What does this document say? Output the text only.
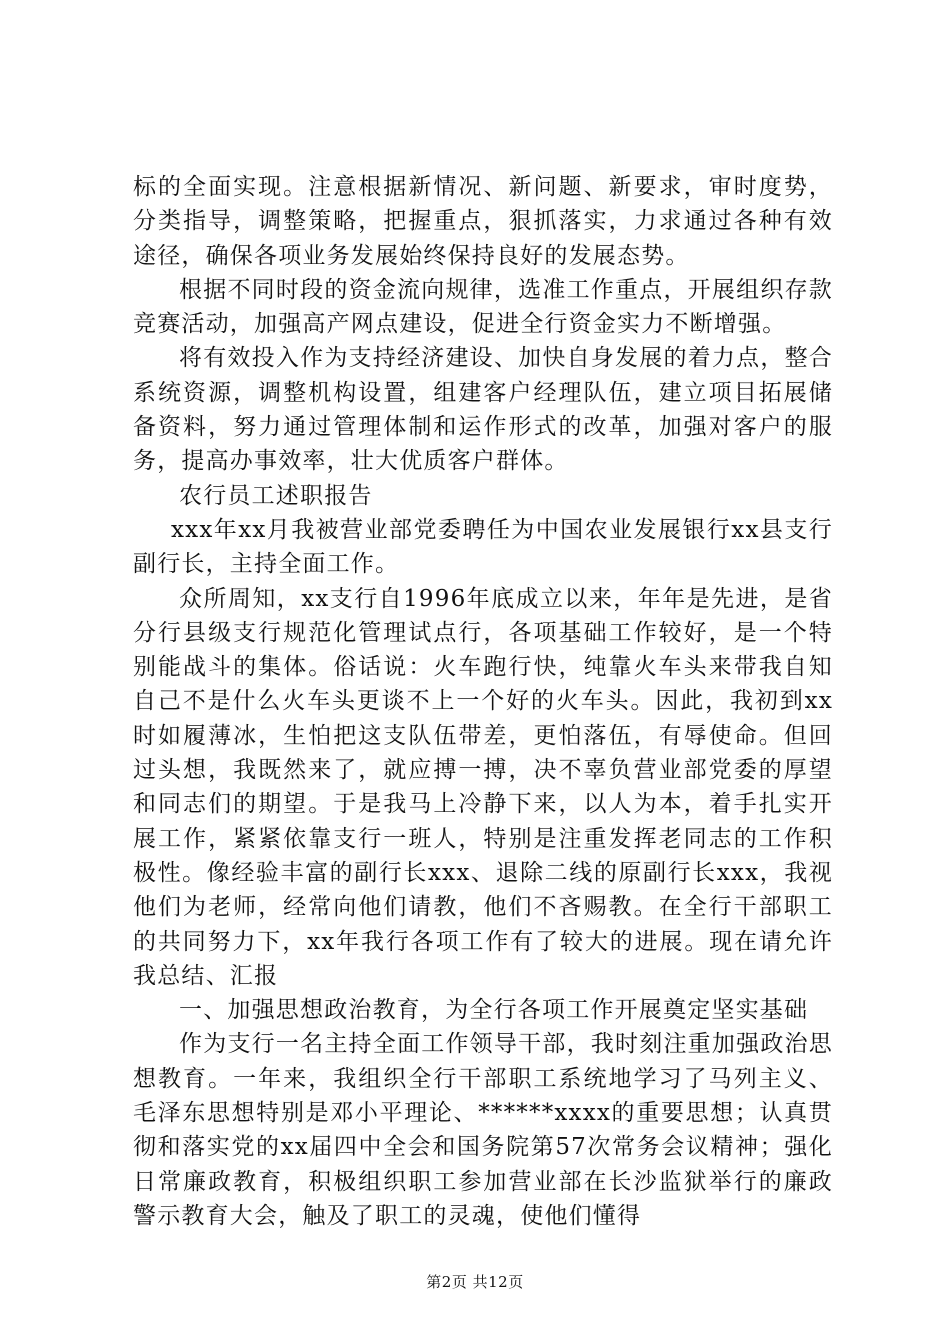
标的全面实现。注意根据新情况、新问题、新要求，审时度势，分类指导，调整策略，把握重点，狠抓落实，力求通过各种有效途径，确保各项业务发展始终保持良好的发展态势。

根据不同时段的资金流向规律，选准工作重点，开展组织存款竞赛活动，加强高产网点建设，促进全行资金实力不断增强。

将有效投入作为支持经济建设、加快自身发展的着力点，整合系统资源，调整机构设置，组建客户经理队伍，建立项目拓展储备资料，努力通过管理体制和运作形式的改革，加强对客户的服务，提高办事效率，壮大优质客户群体。

农行员工述职报告

xxx年xx月我被营业部党委聘任为中国农业发展银行xx县支行副行长，主持全面工作。

众所周知，xx支行自1996年底成立以来，年年是先进，是省分行县级支行规范化管理试点行，各项基础工作较好，是一个特别能战斗的集体。俗话说：火车跑行快，纯靠火车头来带我自知自己不是什么火车头更谈不上一个好的火车头。因此，我初到xx时如履薄冰，生怕把这支队伍带差，更怕落伍，有辱使命。但回过头想，我既然来了，就应搏一搏，决不辜负营业部党委的厚望和同志们的期望。于是我马上冷静下来，以人为本，着手扎实开展工作，紧紧依靠支行一班人，特别是注重发挥老同志的工作积极性。像经验丰富的副行长xxx、退除二线的原副行长xxx，我视他们为老师，经常向他们请教，他们不吝赐教。在全行干部职工的共同努力下，xx年我行各项工作有了较大的进展。现在请允许我总结、汇报

一、加强思想政治教育，为全行各项工作开展奠定坚实基础

作为支行一名主持全面工作领导干部，我时刻注重加强政治思想教育。一年来，我组织全行干部职工系统地学习了马列主义、毛泽东思想特别是邓小平理论、******xxxx的重要思想；认真贯彻和落实党的xx届四中全会和国务院第57次常务会议精神；强化日常廉政教育，积极组织职工参加营业部在长沙监狱举行的廉政警示教育大会，触及了职工的灵魂，使他们懂得

第2页 共12页
